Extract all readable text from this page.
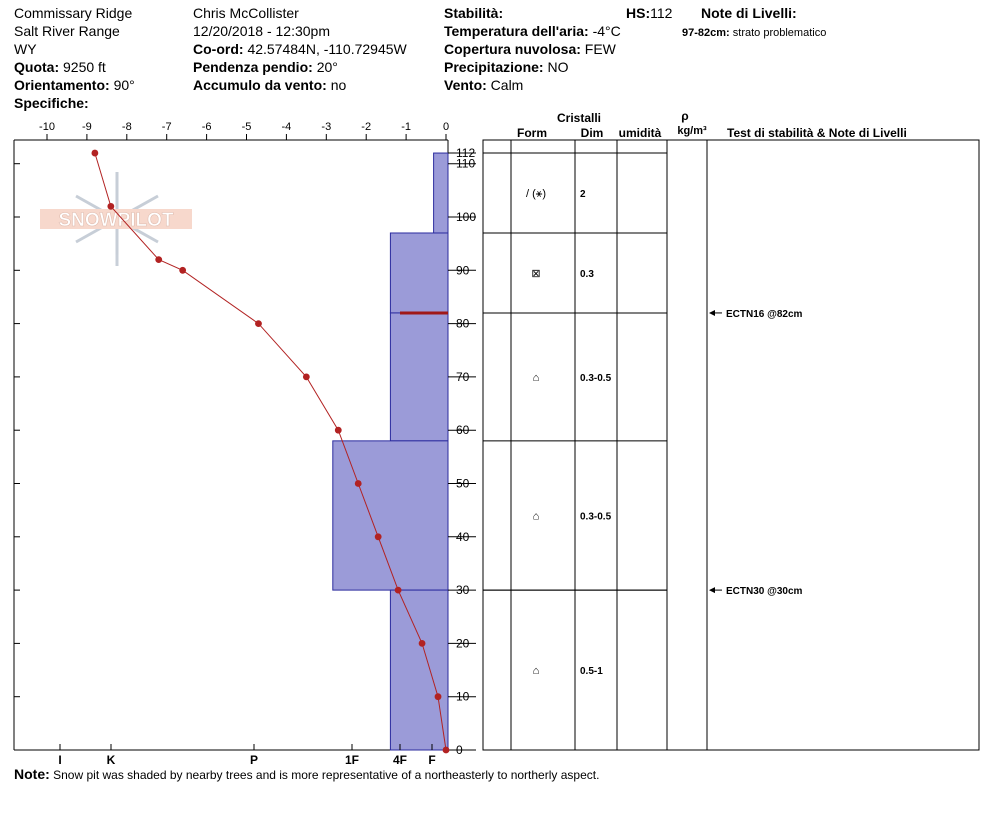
Commissary Ridge
Salt River Range
WY
Quota: 9250 ft
Orientamento: 90°
Specifiche:
Chris McCollister
12/20/2018 - 12:30pm
Co-ord: 42.57484N, -110.72945W
Pendenza pendio: 20°
Accumulo da vento: no
Stabilità:
Temperatura dell'aria: -4°C
Copertura nuvolosa: FEW
Precipitazione: NO
Vento: Calm
HS:112 Note di Livelli:
97-82cm: strato problematico
SNOWPILOT
-10 -9	-8	-7	-6	-5	-4	-3	-2	-1	0
0
10
20
30
40
50
60
70
80
90
100
110
112
I	K	P	1F	4F F
Cristalli
Form	Dim umidità
ρ
kg/m³ Test di stabilità & Note di Livelli
/ (⚹)	2
⊠	0.3
⌂	0.3-0.5
⌂	0.3-0.5
⌂	0.5-1
ECTN16 @82cm
ECTN30 @30cm
Note: Snow pit was shaded by nearby trees and is more representative of a northeasterly to northerly aspect.
